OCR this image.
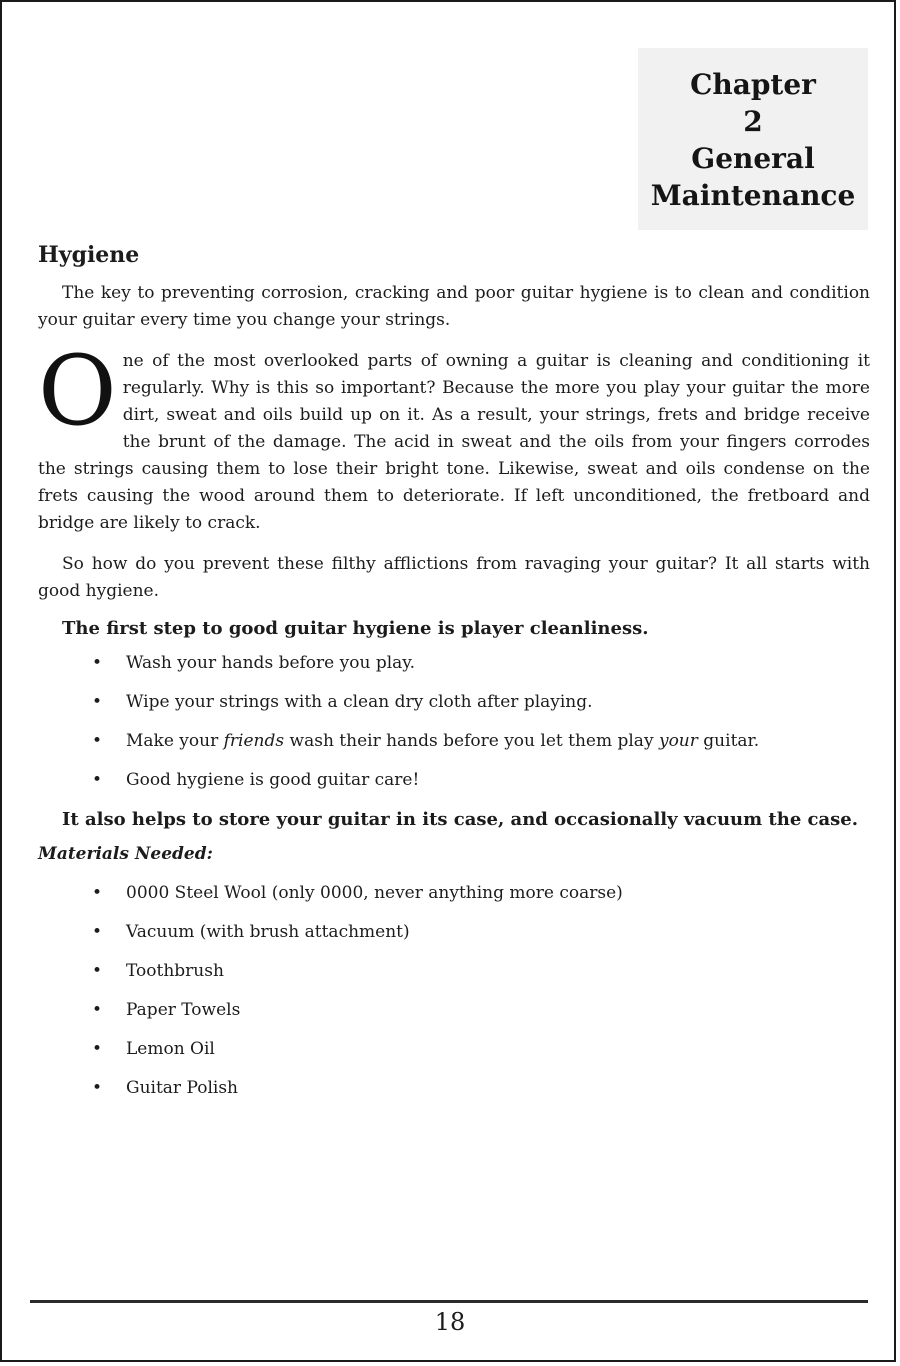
Chapter
2
General
Maintenance
Hygiene

The key to preventing corrosion, cracking and poor guitar hygiene is to clean and condition your guitar every time you change your strings.

One of the most overlooked parts of owning a guitar is cleaning and conditioning it regularly. Why is this so important? Because the more you play your guitar the more dirt, sweat and oils build up on it. As a result, your strings, frets and bridge receive the brunt of the damage. The acid in sweat and the oils from your fingers corrodes the strings causing them to lose their bright tone. Likewise, sweat and oils condense on the frets causing the wood around them to deteriorate. If left unconditioned, the fretboard and bridge are likely to crack.

So how do you prevent these filthy afflictions from ravaging your guitar? It all starts with good hygiene.

The first step to good guitar hygiene is player cleanliness.

• Wash your hands before you play.
• Wipe your strings with a clean dry cloth after playing.
• Make your friends wash their hands before you let them play your guitar.
• Good hygiene is good guitar care!

It also helps to store your guitar in its case, and occasionally vacuum the case.

Materials Needed:
• 0000 Steel Wool (only 0000, never anything more coarse)
• Vacuum (with brush attachment)
• Toothbrush
• Paper Towels
• Lemon Oil
• Guitar Polish
18
